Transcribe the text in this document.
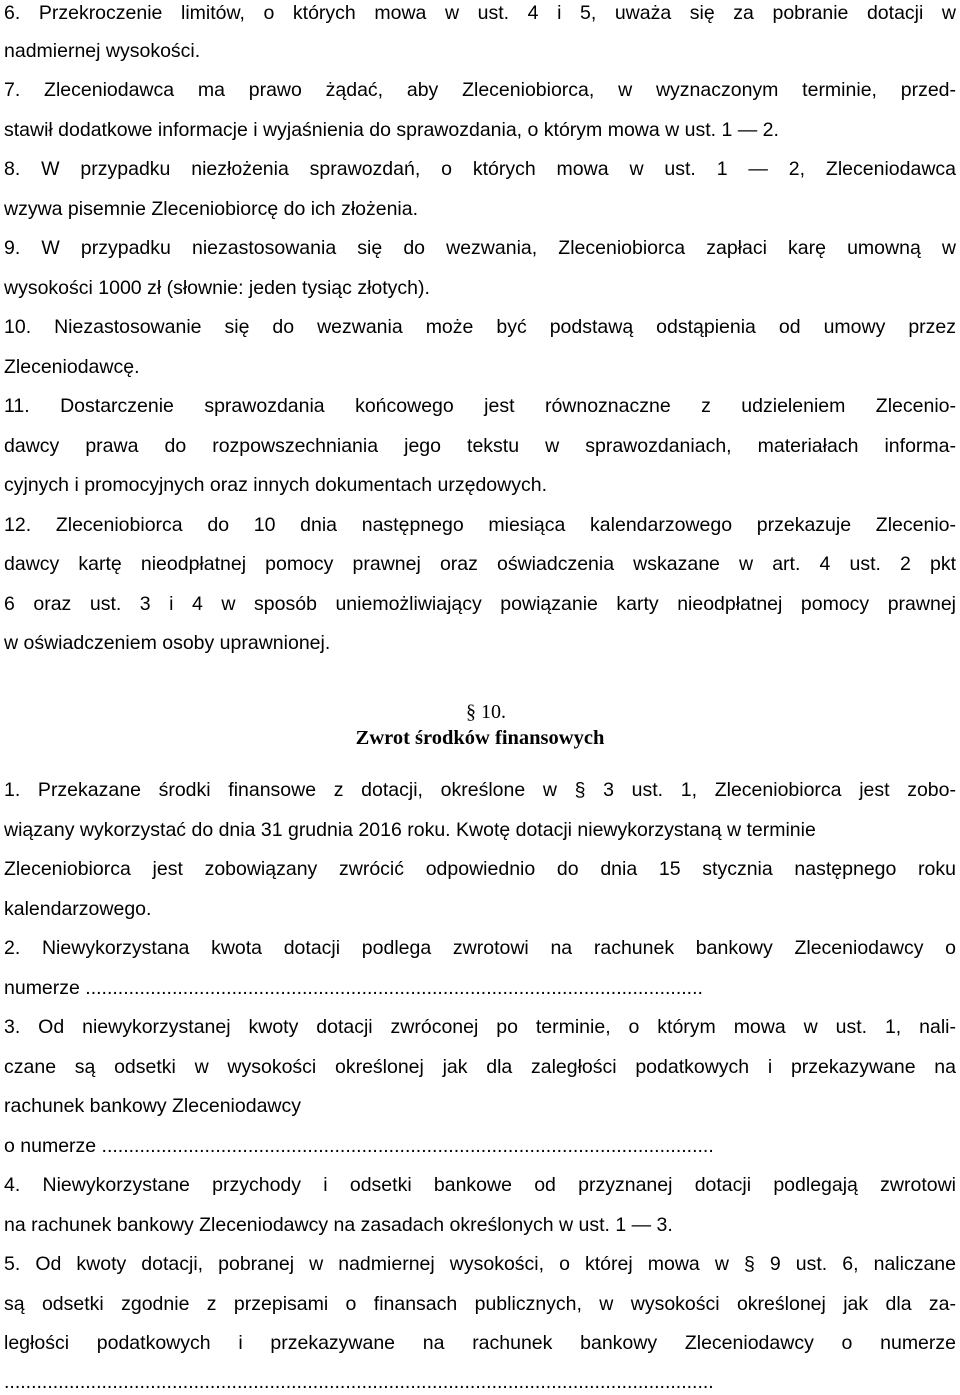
6. Przekroczenie limitów, o których mowa w ust. 4 i 5, uważa się za pobranie dotacji w
nadmiernej wysokości.
7. Zleceniodawca ma prawo żądać, aby Zleceniobiorca, w wyznaczonym terminie, przed-
stawił dodatkowe informacje i wyjaśnienia do sprawozdania, o którym mowa w ust. 1 — 2.
8. W przypadku niezłożenia sprawozdań, o których mowa w ust. 1 — 2, Zleceniodawca
wzywa pisemnie Zleceniobiorcę do ich złożenia.
9. W przypadku niezastosowania się do wezwania, Zleceniobiorca zapłaci karę umowną w
wysokości 1000 zł (słownie: jeden tysiąc złotych).
10. Niezastosowanie się do wezwania może być podstawą odstąpienia od umowy przez
Zleceniodawcę.
11. Dostarczenie sprawozdania końcowego jest równoznaczne z udzieleniem Zlecenio-
dawcy prawa do rozpowszechniania jego tekstu w sprawozdaniach, materiałach informa-
cyjnych i promocyjnych oraz innych dokumentach urzędowych.
12. Zleceniobiorca do 10 dnia następnego miesiąca kalendarzowego przekazuje Zlecenio-
dawcy kartę nieodpłatnej pomocy prawnej oraz oświadczenia wskazane w art. 4 ust. 2 pkt
6 oraz ust. 3 i 4 w sposób uniemożliwiający powiązanie karty nieodpłatnej pomocy prawnej
w oświadczeniem osoby uprawnionej.
§ 10.
Zwrot środków finansowych
1. Przekazane środki finansowe z dotacji, określone w § 3 ust. 1, Zleceniobiorca jest zobo-
wiązany wykorzystać do dnia 31 grudnia 2016 roku. Kwotę dotacji niewykorzystaną w terminie
Zleceniobiorca jest zobowiązany zwrócić odpowiednio do dnia 15 stycznia następnego roku
kalendarzowego.
2. Niewykorzystana kwota dotacji podlega zwrotowi na rachunek bankowy Zleceniodawcy o
numerze ..................................................................................................................
3. Od niewykorzystanej kwoty dotacji zwróconej po terminie, o którym mowa w ust. 1, nali-
czane są odsetki w wysokości określonej jak dla zaległości podatkowych i przekazywane na
rachunek bankowy Zleceniodawcy
o numerze .................................................................................................................
4. Niewykorzystane przychody i odsetki bankowe od przyznanej dotacji podlegają zwrotowi
na rachunek bankowy Zleceniodawcy na zasadach określonych w ust. 1 — 3.
5. Od kwoty dotacji, pobranej w nadmiernej wysokości, o której mowa w § 9 ust. 6, naliczane
są odsetki zgodnie z przepisami o finansach publicznych, w wysokości określonej jak dla za-
ległości podatkowych i przekazywane na rachunek bankowy Zleceniodawcy o numerze
...................................................................................................................................
